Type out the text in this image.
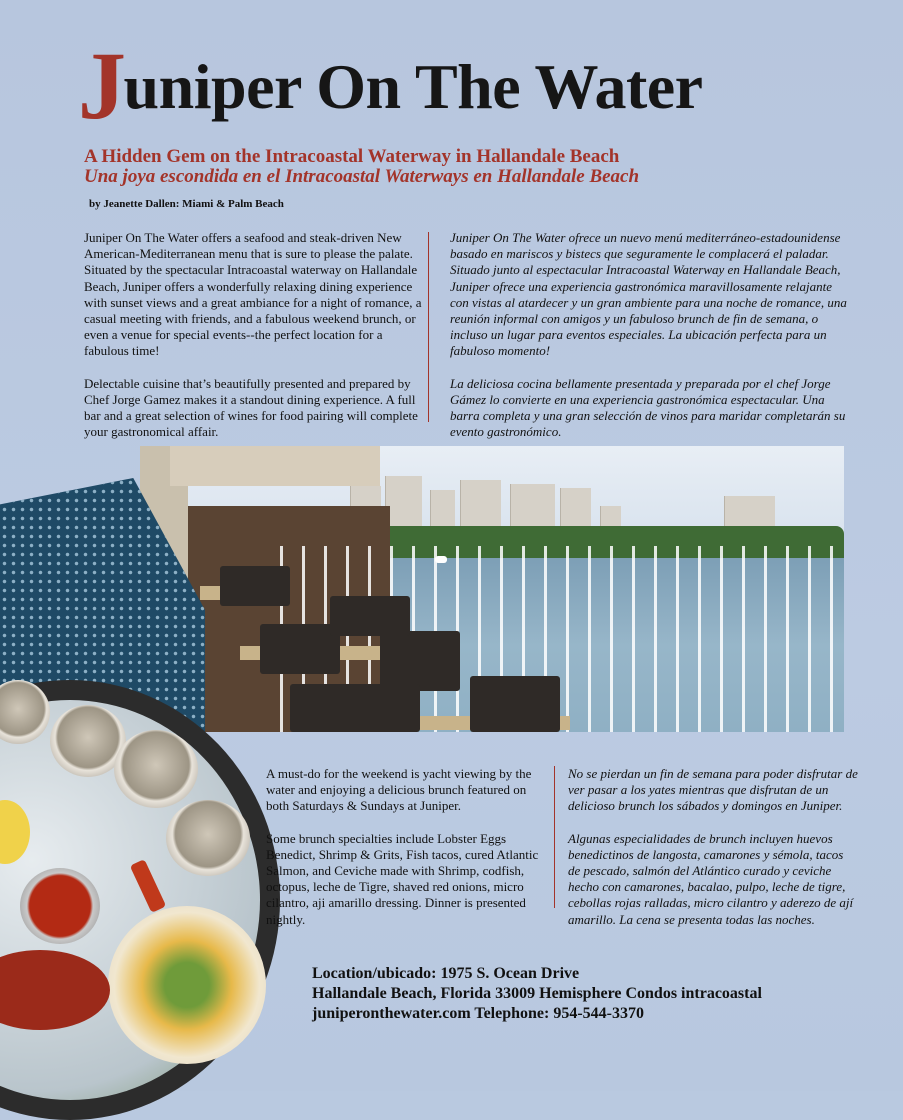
Juniper On The Water
A Hidden Gem on the Intracoastal Waterway in Hallandale Beach
Una joya escondida en el Intracoastal Waterways en Hallandale Beach
by Jeanette Dallen: Miami & Palm Beach

Juniper On The Water offers a seafood and steak-driven New American-Mediterranean menu that is sure to please the palate. Situated by the spectacular Intracoastal waterway on Hallandale Beach, Juniper offers a wonderfully relaxing dining experience with sunset views and a great ambiance for a night of romance, a casual meeting with friends, and a fabulous weekend brunch, or even a venue for special events--the perfect location for a fabulous time!

Delectable cuisine that’s beautifully presented and prepared by Chef Jorge Gamez makes it a standout dining experience. A full bar and a great selection of wines for food pairing will complete your gastronomical affair.

Juniper On The Water ofrece un nuevo menú mediterráneo-estadounidense basado en mariscos y bistecs que seguramente le complacerá el paladar. Situado junto al espectacular Intracoastal Waterway en Hallandale Beach, Juniper ofrece una experiencia gastronómica maravillosamente relajante con vistas al atardecer y un gran ambiente para una noche de romance, una reunión informal con amigos y un fabuloso brunch de fin de semana, o incluso un lugar para eventos especiales. La ubicación perfecta para un fabuloso momento!

La deliciosa cocina bellamente presentada y preparada por el chef Jorge Gámez lo convierte en una experiencia gastronómica espectacular. Una barra completa y una gran selección de vinos para maridar completarán su evento gastronómico.

A must-do for the weekend is yacht viewing by the water and enjoying a delicious brunch featured on both Saturdays & Sundays at Juniper.

Some brunch specialties include Lobster Eggs Benedict, Shrimp & Grits, Fish tacos, cured Atlantic Salmon, and Ceviche made with Shrimp, codfish, octopus, leche de Tigre, shaved red onions, micro cilantro, aji amarillo dressing. Dinner is presented nightly.

No se pierdan un fin de semana para poder disfrutar de ver pasar a los yates mientras que disfrutan de un delicioso brunch los sábados y domingos en Juniper.

Algunas especialidades de brunch incluyen huevos benedictinos de langosta, camarones y sémola, tacos de pescado, salmón del Atlántico curado y ceviche hecho con camarones, bacalao, pulpo, leche de tigre, cebollas rojas ralladas, micro cilantro y aderezo de ají amarillo. La cena se presenta todas las noches.

Location/ubicado: 1975 S. Ocean Drive
Hallandale Beach, Florida 33009 Hemisphere Condos intracoastal
juniperonthewater.com Telephone: 954-544-3370
